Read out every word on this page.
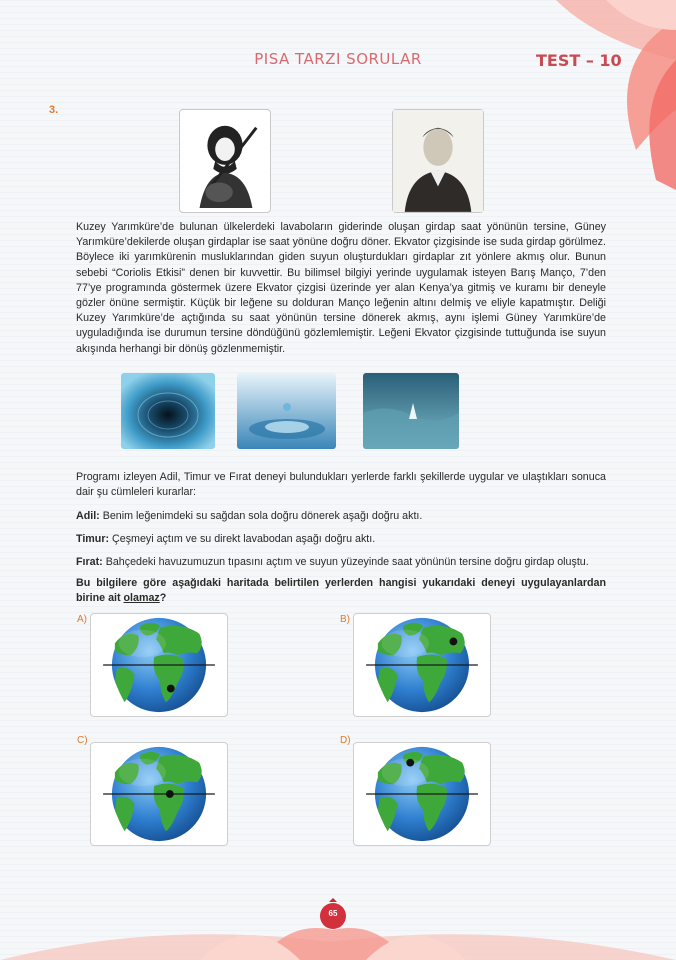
PISA TARZI SORULAR	TEST – 10
3.
Kuzey Yarımküre’de bulunan ülkelerdeki lavaboların giderinde oluşan girdap saat yönünün tersine, Güney Yarımküre’dekilerde oluşan girdaplar ise saat yönüne doğru döner. Ekvator çizgisinde ise suda girdap görülmez. Böylece iki yarımkürenin musluklarından giden suyun oluşturdukları girdaplar zıt yönlere akmış olur. Bunun sebebi “Coriolis Etkisi” denen bir kuvvettir. Bu bilimsel bilgiyi yerinde uygulamak isteyen Barış Manço, 7’den 77’ye programında göstermek üzere Ekvator çizgisi üzerinde yer alan Kenya’ya gitmiş ve kuramı bir deneyle gözler önüne sermiştir. Küçük bir leğene su dolduran Manço leğenin altını delmiş ve eliyle kapatmıştır. Deliği Kuzey Yarımküre’de açtığında su saat yönünün tersine dönerek akmış, aynı işlemi Güney Yarımküre’de uyguladığında ise durumun tersine döndüğünü gözlemlemiştir. Leğeni Ekvator çizgisinde tuttuğunda ise suyun akışında herhangi bir dönüş gözlenmemiştir.
Programı izleyen Adil, Timur ve Fırat deneyi bulundukları yerlerde farklı şekillerde uygular ve ulaştıkları sonuca dair şu cümleleri kurarlar:
Adil: Benim leğenimdeki su sağdan sola doğru dönerek aşağı doğru aktı.
Timur: Çeşmeyi açtım ve su direkt lavabodan aşağı doğru aktı.
Fırat: Bahçedeki havuzumuzun tıpasını açtım ve suyun yüzeyinde saat yönünün tersine doğru girdap oluştu.
Bu bilgilere göre aşağıdaki haritada belirtilen yerlerden hangisi yukarıdaki deneyi uygulayanlardan birine ait olamaz?
A)	B)
C)	D)
65
